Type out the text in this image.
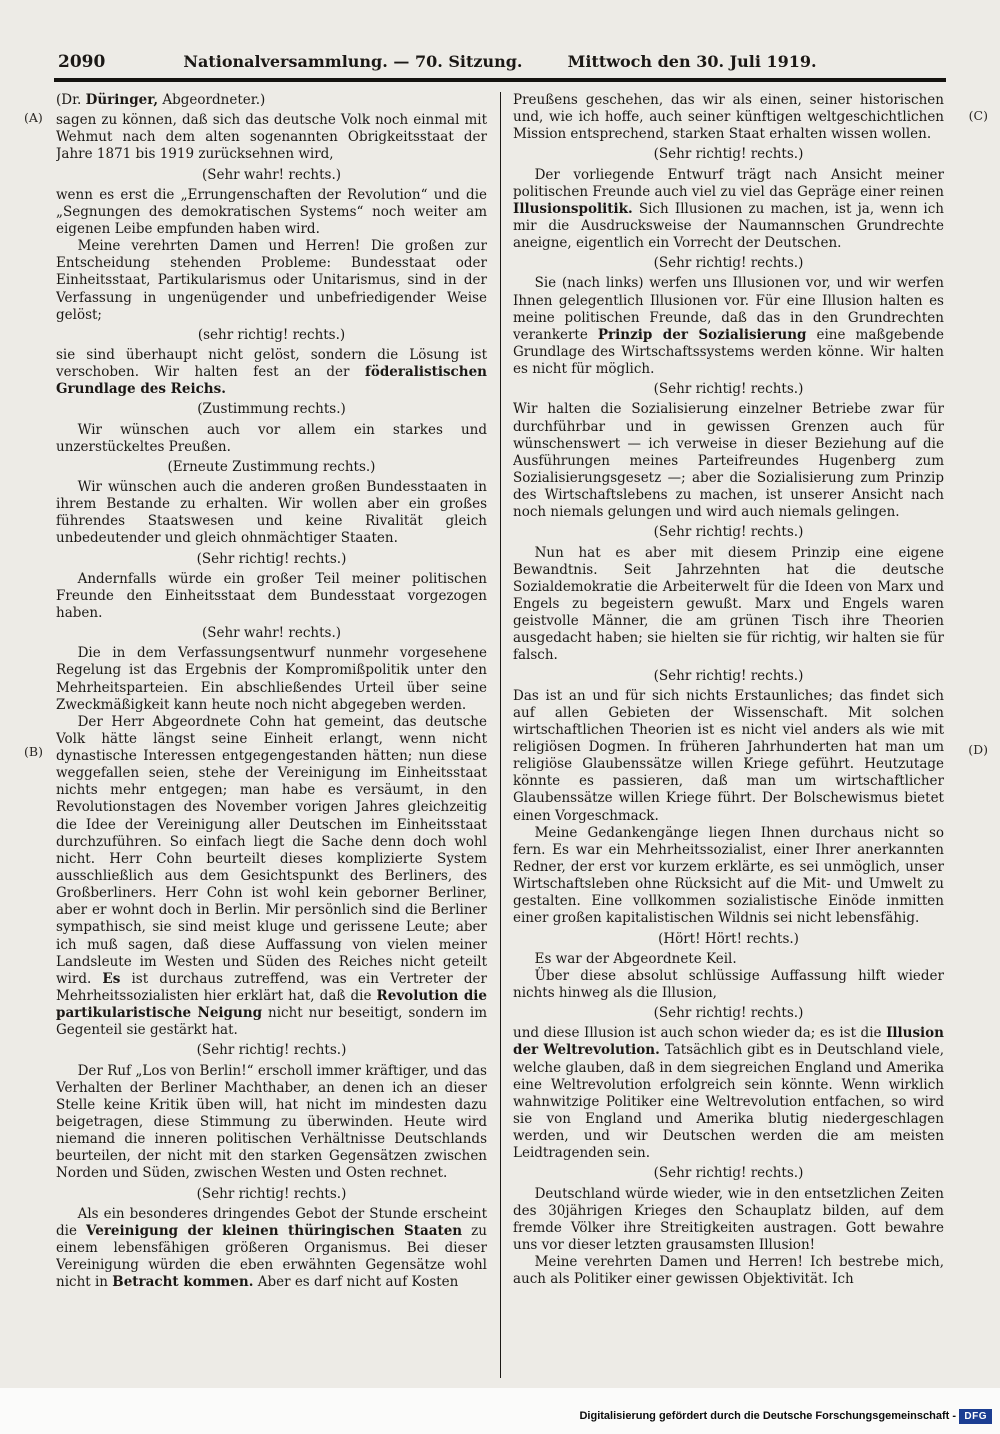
2090	Nationalversammlung. — 70. Sitzung.	Mittwoch den 30. Juli 1919.
(Dr. Düringer, Abgeordneter.)
sagen zu können, daß sich das deutsche Volk noch einmal mit Wehmut nach dem alten sogenannten Obrigkeitsstaat der Jahre 1871 bis 1919 zurücksehnen wird,
(Sehr wahr! rechts.)
wenn es erst die „Errungenschaften der Revolution“ und die „Segnungen des demokratischen Systems“ noch weiter am eigenen Leibe empfunden haben wird.
Meine verehrten Damen und Herren! Die großen zur Entscheidung stehenden Probleme: Bundesstaat oder Einheitsstaat, Partikularismus oder Unitarismus, sind in der Verfassung in ungenügender und unbefriedigender Weise gelöst;
(sehr richtig! rechts.)
sie sind überhaupt nicht gelöst, sondern die Lösung ist verschoben. Wir halten fest an der föderalistischen Grundlage des Reichs.
(Zustimmung rechts.)
Wir wünschen auch vor allem ein starkes und unzerstückeltes Preußen.
(Erneute Zustimmung rechts.)
Wir wünschen auch die anderen großen Bundesstaaten in ihrem Bestande zu erhalten. Wir wollen aber ein großes führendes Staatswesen und keine Rivalität gleich unbedeutender und gleich ohnmächtiger Staaten.
(Sehr richtig! rechts.)
Andernfalls würde ein großer Teil meiner politischen Freunde den Einheitsstaat dem Bundesstaat vorgezogen haben.
(Sehr wahr! rechts.)
Die in dem Verfassungsentwurf nunmehr vorgesehene Regelung ist das Ergebnis der Kompromißpolitik unter den Mehrheitsparteien. Ein abschließendes Urteil über seine Zweckmäßigkeit kann heute noch nicht abgegeben werden.
Der Herr Abgeordnete Cohn hat gemeint, das deutsche Volk hätte längst seine Einheit erlangt, wenn nicht dynastische Interessen entgegengestanden hätten; nun diese weggefallen seien, stehe der Vereinigung im Einheitsstaat nichts mehr entgegen; man habe es versäumt, in den Revolutionstagen des November vorigen Jahres gleichzeitig die Idee der Vereinigung aller Deutschen im Einheitsstaat durchzuführen. So einfach liegt die Sache denn doch wohl nicht. Herr Cohn beurteilt dieses komplizierte System ausschließlich aus dem Gesichtspunkt des Berliners, des Großberliners. Herr Cohn ist wohl kein geborner Berliner, aber er wohnt doch in Berlin. Mir persönlich sind die Berliner sympathisch, sie sind meist kluge und gerissene Leute; aber ich muß sagen, daß diese Auffassung von vielen meiner Landsleute im Westen und Süden des Reiches nicht geteilt wird. Es ist durchaus zutreffend, was ein Vertreter der Mehrheitssozialisten hier erklärt hat, daß die Revolution die partikularistische Neigung nicht nur beseitigt, sondern im Gegenteil sie gestärkt hat.
(Sehr richtig! rechts.)
Der Ruf „Los von Berlin!“ erscholl immer kräftiger, und das Verhalten der Berliner Machthaber, an denen ich an dieser Stelle keine Kritik üben will, hat nicht im mindesten dazu beigetragen, diese Stimmung zu überwinden. Heute wird niemand die inneren politischen Verhältnisse Deutschlands beurteilen, der nicht mit den starken Gegensätzen zwischen Norden und Süden, zwischen Westen und Osten rechnet.
(Sehr richtig! rechts.)
Als ein besonderes dringendes Gebot der Stunde erscheint die Vereinigung der kleinen thüringischen Staaten zu einem lebensfähigen größeren Organismus. Bei dieser Vereinigung würden die eben erwähnten Gegensätze wohl nicht in Betracht kommen. Aber es darf nicht auf Kosten
Preußens geschehen, das wir als einen, seiner historischen und, wie ich hoffe, auch seiner künftigen weltgeschichtlichen Mission entsprechend, starken Staat erhalten wissen wollen.
(Sehr richtig! rechts.)
Der vorliegende Entwurf trägt nach Ansicht meiner politischen Freunde auch viel zu viel das Gepräge einer reinen Illusionspolitik. Sich Illusionen zu machen, ist ja, wenn ich mir die Ausdrucksweise der Naumannschen Grundrechte aneigne, eigentlich ein Vorrecht der Deutschen.
(Sehr richtig! rechts.)
Sie (nach links) werfen uns Illusionen vor, und wir werfen Ihnen gelegentlich Illusionen vor. Für eine Illusion halten es meine politischen Freunde, daß das in den Grundrechten verankerte Prinzip der Sozialisierung eine maßgebende Grundlage des Wirtschaftssystems werden könne. Wir halten es nicht für möglich.
(Sehr richtig! rechts.)
Wir halten die Sozialisierung einzelner Betriebe zwar für durchführbar und in gewissen Grenzen auch für wünschenswert — ich verweise in dieser Beziehung auf die Ausführungen meines Parteifreundes Hugenberg zum Sozialisierungsgesetz —; aber die Sozialisierung zum Prinzip des Wirtschaftslebens zu machen, ist unserer Ansicht nach noch niemals gelungen und wird auch niemals gelingen.
(Sehr richtig! rechts.)
Nun hat es aber mit diesem Prinzip eine eigene Bewandtnis. Seit Jahrzehnten hat die deutsche Sozialdemokratie die Arbeiterwelt für die Ideen von Marx und Engels zu begeistern gewußt. Marx und Engels waren geistvolle Männer, die am grünen Tisch ihre Theorien ausgedacht haben; sie hielten sie für richtig, wir halten sie für falsch.
(Sehr richtig! rechts.)
Das ist an und für sich nichts Erstaunliches; das findet sich auf allen Gebieten der Wissenschaft. Mit solchen wirtschaftlichen Theorien ist es nicht viel anders als wie mit religiösen Dogmen. In früheren Jahrhunderten hat man um religiöse Glaubenssätze willen Kriege geführt. Heutzutage könnte es passieren, daß man um wirtschaftlicher Glaubenssätze willen Kriege führt. Der Bolschewismus bietet einen Vorgeschmack.
Meine Gedankengänge liegen Ihnen durchaus nicht so fern. Es war ein Mehrheitssozialist, einer Ihrer anerkannten Redner, der erst vor kurzem erklärte, es sei unmöglich, unser Wirtschaftsleben ohne Rücksicht auf die Mit- und Umwelt zu gestalten. Eine vollkommen sozialistische Einöde inmitten einer großen kapitalistischen Wildnis sei nicht lebensfähig.
(Hört! Hört! rechts.)
Es war der Abgeordnete Keil.
Über diese absolut schlüssige Auffassung hilft wieder nichts hinweg als die Illusion,
(Sehr richtig! rechts.)
und diese Illusion ist auch schon wieder da; es ist die Illusion der Weltrevolution. Tatsächlich gibt es in Deutschland viele, welche glauben, daß in dem siegreichen England und Amerika eine Weltrevolution erfolgreich sein könnte. Wenn wirklich wahnwitzige Politiker eine Weltrevolution entfachen, so wird sie von England und Amerika blutig niedergeschlagen werden, und wir Deutschen werden die am meisten Leidtragenden sein.
(Sehr richtig! rechts.)
Deutschland würde wieder, wie in den entsetzlichen Zeiten des 30jährigen Krieges den Schauplatz bilden, auf dem fremde Völker ihre Streitigkeiten austragen. Gott bewahre uns vor dieser letzten grausamsten Illusion!
Meine verehrten Damen und Herren! Ich bestrebe mich, auch als Politiker einer gewissen Objektivität. Ich
(A)
(B)
(C)
(D)
Digitalisierung gefördert durch die Deutsche Forschungsgemeinschaft - DFG
